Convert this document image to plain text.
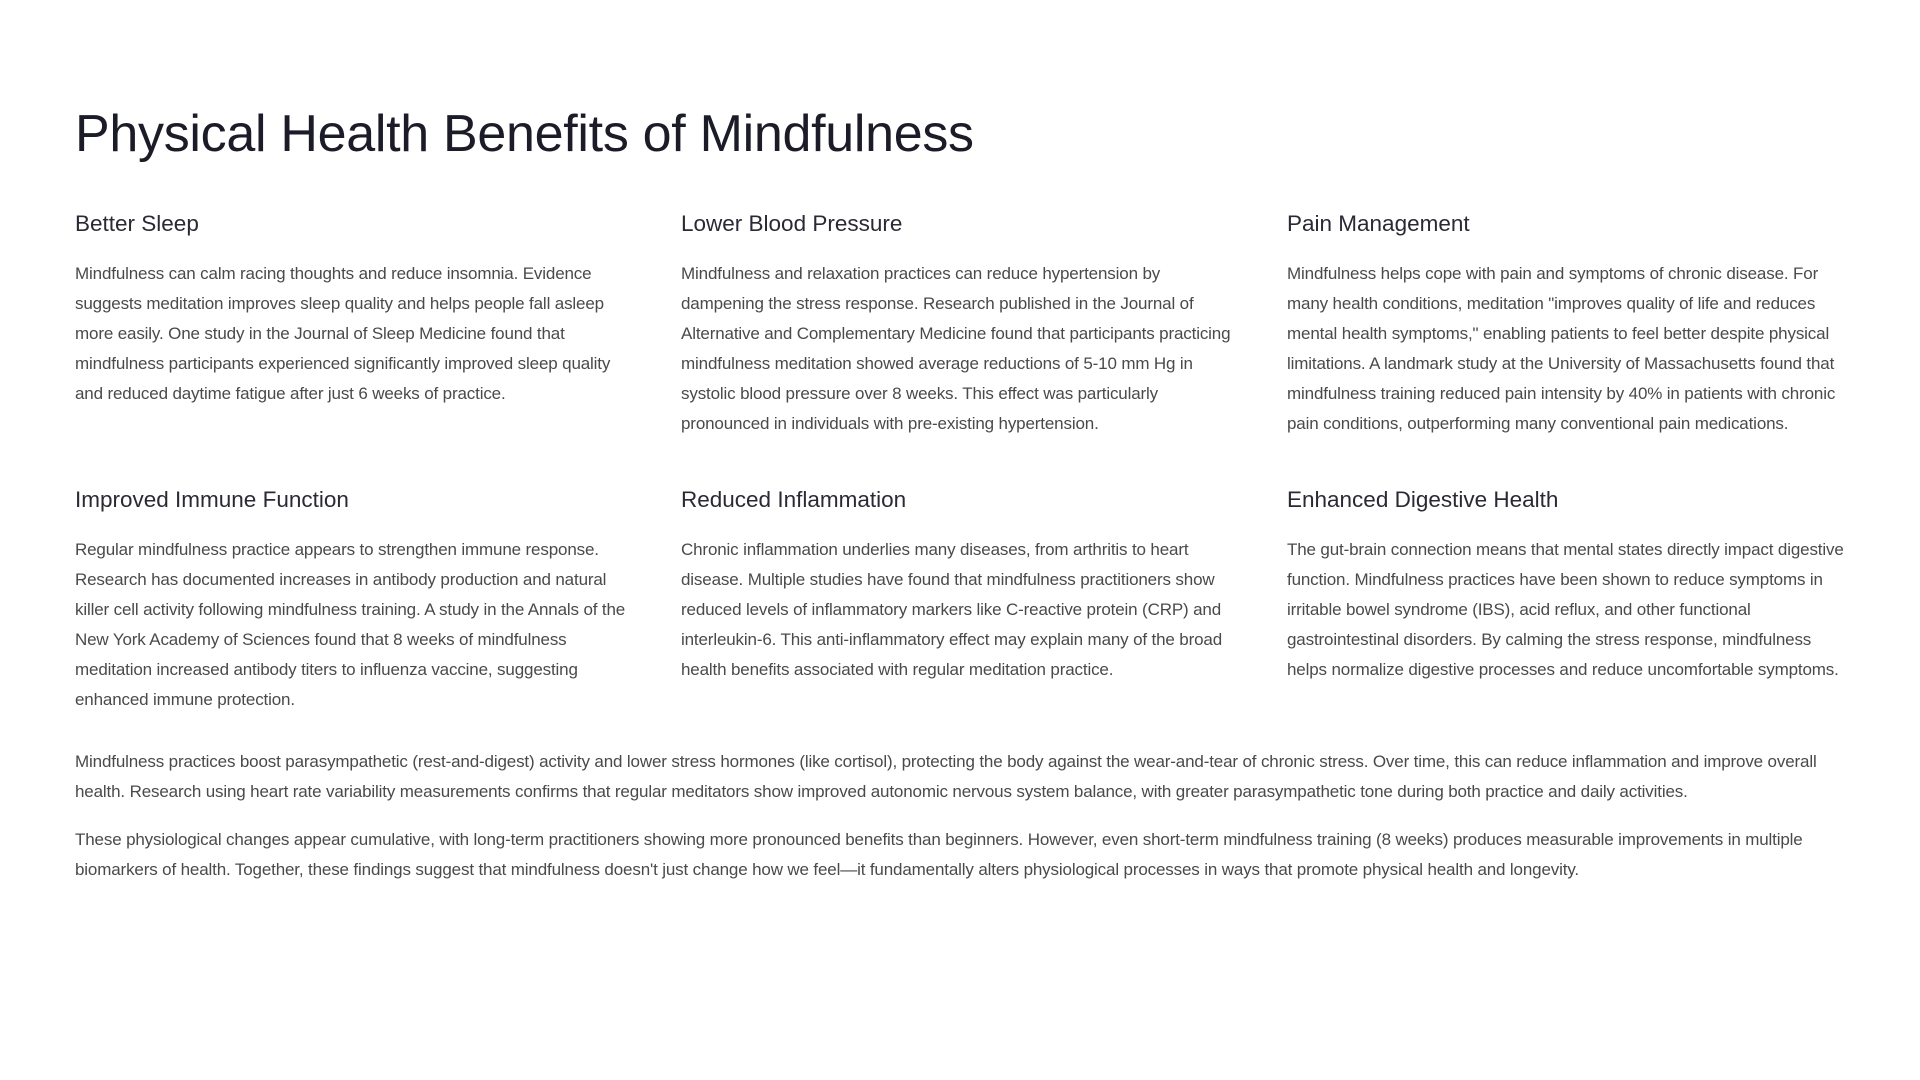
Physical Health Benefits of Mindfulness
Better Sleep

Mindfulness can calm racing thoughts and reduce insomnia. Evidence suggests meditation improves sleep quality and helps people fall asleep more easily. One study in the Journal of Sleep Medicine found that mindfulness participants experienced significantly improved sleep quality and reduced daytime fatigue after just 6 weeks of practice.

Lower Blood Pressure

Mindfulness and relaxation practices can reduce hypertension by dampening the stress response. Research published in the Journal of Alternative and Complementary Medicine found that participants practicing mindfulness meditation showed average reductions of 5-10 mm Hg in systolic blood pressure over 8 weeks. This effect was particularly pronounced in individuals with pre-existing hypertension.

Pain Management

Mindfulness helps cope with pain and symptoms of chronic disease. For many health conditions, meditation "improves quality of life and reduces mental health symptoms," enabling patients to feel better despite physical limitations. A landmark study at the University of Massachusetts found that mindfulness training reduced pain intensity by 40% in patients with chronic pain conditions, outperforming many conventional pain medications.

Improved Immune Function

Regular mindfulness practice appears to strengthen immune response. Research has documented increases in antibody production and natural killer cell activity following mindfulness training. A study in the Annals of the New York Academy of Sciences found that 8 weeks of mindfulness meditation increased antibody titers to influenza vaccine, suggesting enhanced immune protection.

Reduced Inflammation

Chronic inflammation underlies many diseases, from arthritis to heart disease. Multiple studies have found that mindfulness practitioners show reduced levels of inflammatory markers like C-reactive protein (CRP) and interleukin-6. This anti-inflammatory effect may explain many of the broad health benefits associated with regular meditation practice.

Enhanced Digestive Health

The gut-brain connection means that mental states directly impact digestive function. Mindfulness practices have been shown to reduce symptoms in irritable bowel syndrome (IBS), acid reflux, and other functional gastrointestinal disorders. By calming the stress response, mindfulness helps normalize digestive processes and reduce uncomfortable symptoms.

Mindfulness practices boost parasympathetic (rest-and-digest) activity and lower stress hormones (like cortisol), protecting the body against the wear-and-tear of chronic stress. Over time, this can reduce inflammation and improve overall health. Research using heart rate variability measurements confirms that regular meditators show improved autonomic nervous system balance, with greater parasympathetic tone during both practice and daily activities.

These physiological changes appear cumulative, with long-term practitioners showing more pronounced benefits than beginners. However, even short-term mindfulness training (8 weeks) produces measurable improvements in multiple biomarkers of health. Together, these findings suggest that mindfulness doesn't just change how we feel—it fundamentally alters physiological processes in ways that promote physical health and longevity.
